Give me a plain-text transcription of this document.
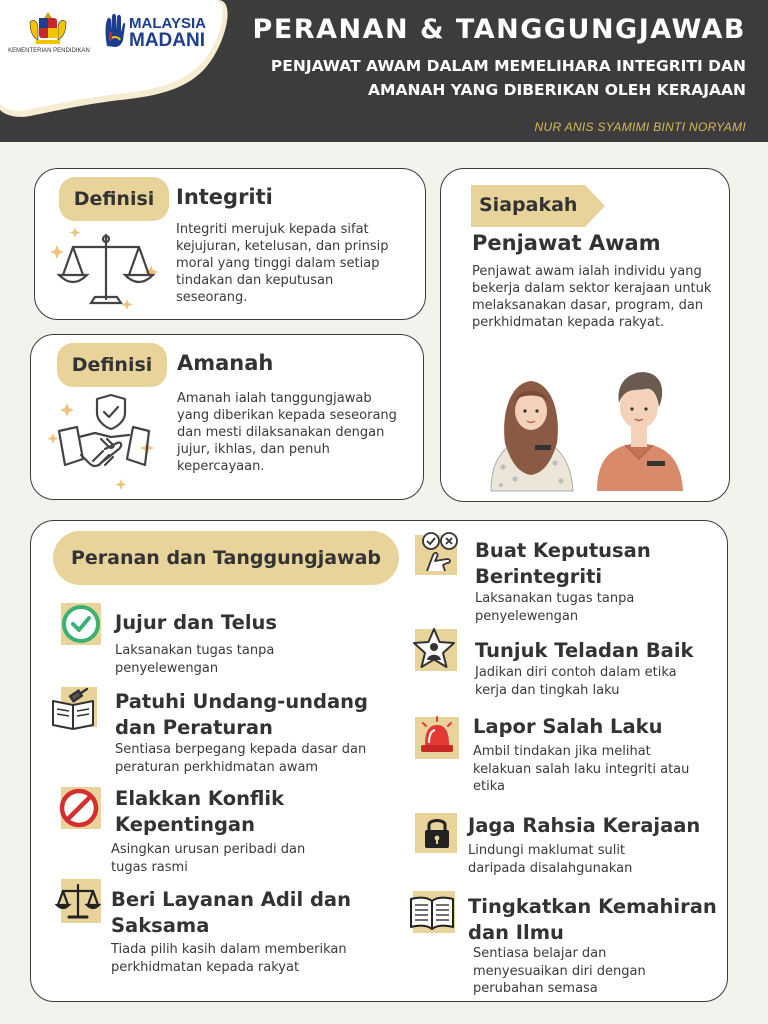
KEMENTERIAN PENDIDIKAN
MALAYSIA
MADANI PERANAN & TANGGUNGJAWAB
PENJAWAT AWAM DALAM MEMELIHARA INTEGRITI DAN
AMANAH YANG DIBERIKAN OLEH KERAJAAN
NUR ANIS SYAMIMI BINTI NORYAMI
Definisi	Integriti
Integriti merujuk kepada sifat kejujuran, ketelusan, dan prinsip moral yang tinggi dalam setiap tindakan dan keputusan seseorang.
Definisi	Amanah
Amanah ialah tanggungjawab yang diberikan kepada seseorang dan mesti dilaksanakan dengan jujur, ikhlas, dan penuh kepercayaan.
Siapakah
Penjawat Awam
Penjawat awam ialah individu yang bekerja dalam sektor kerajaan untuk melaksanakan dasar, program, dan perkhidmatan kepada rakyat.
Peranan dan Tanggungjawab
Jujur dan Telus
Laksanakan tugas tanpa penyelewengan
Patuhi Undang-undang dan Peraturan
Sentiasa berpegang kepada dasar dan peraturan perkhidmatan awam
Elakkan Konflik Kepentingan
Asingkan urusan peribadi dan tugas rasmi
Beri Layanan Adil dan Saksama
Tiada pilih kasih dalam memberikan perkhidmatan kepada rakyat
Buat Keputusan Berintegriti
Laksanakan tugas tanpa penyelewengan
Tunjuk Teladan Baik
Jadikan diri contoh dalam etika kerja dan tingkah laku
Lapor Salah Laku
Ambil tindakan jika melihat kelakuan salah laku integriti atau etika
Jaga Rahsia Kerajaan
Lindungi maklumat sulit daripada disalahgunakan
Tingkatkan Kemahiran dan Ilmu
Sentiasa belajar dan menyesuaikan diri dengan perubahan semasa
